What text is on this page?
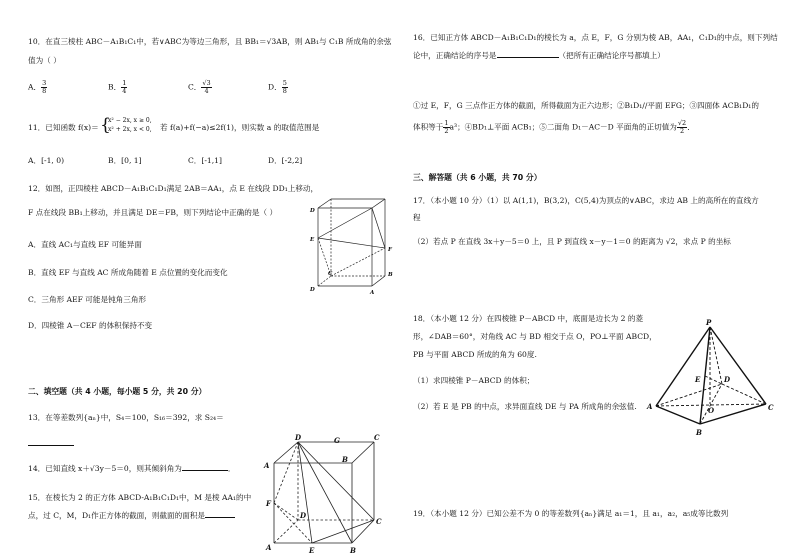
10．在直三棱柱 ABC－A₁B₁C₁中，若∨ABC为等边三角形，且 BB₁＝√3AB，则 AB₁与 C₁B 所成角的余弦
值为（ ）
A． $\frac{3}{8}$	B． $\frac{1}{4}$	C． $\frac{√3}{4}$	D． $\frac{5}{8}$
11．已知函数 f(x)＝ {
x² − 2x, x ≥ 0,
x² + 2x, x < 0, 若 f(a)+f(−a)≤2f(1)，则实数 a 的取值范围是
A．[-1, 0)	B．[0, 1]	C．[-1,1]	D．[-2,2]
12．如图，正四棱柱 ABCD－A₁B₁C₁D₁满足 2AB＝AA₁，点 E 在线段 DD₁上移动，
F 点在线段 BB₁上移动，并且满足 DE＝FB，则下列结论中正确的是（ ）
A．直线 AC₁与直线 EF 可能异面
B．直线 EF 与直线 AC 所成角随着 E 点位置的变化而变化
C．三角形 AEF 可能是钝角三角形
D．四棱锥 A－CEF 的体积保持不变
D
E
F
C	B
D	A
二、填空题（共 4 小题，每小题 5 分，共 20 分）
13．在等差数列{aₙ}中，S₄＝100，S₁₆＝392，求 S₂₄＝
14．已知直线 x＋√3y－5＝0，则其倾斜角为	．
15．在棱长为 2 的正方体 ABCD-A₁B₁C₁D₁中，M 是棱 AA₁的中
点，过 C，M，D₁作正方体的截面，则截面的面积是
D	G	C
A
B
F
D
C
A	E	B
16．已知正方体 ABCD－A₁B₁C₁D₁的棱长为 a，点 E，F，G 分别为棱 AB，AA₁，C₁D₁的中点，则下列结
论中，正确结论的序号是	（把所有正确结论序号都填上）
①过 E，F，G 三点作正方体的截面，所得截面为正六边形；②B₁D₁//平面 EFG；③四面体 ACB₁D₁的
体积等于 $\frac{1}{2} a^3$；④BD₁⊥平面 ACB₁；⑤二面角 D₁－AC－D 平面角的正切值为 $\frac{√2}{2}$ ．
三、解答题（共 6 小题，共 70 分）
17．（本小题 10 分）（1）以 A(1,1)，B(3,2)，C(5,4)为顶点的∨ABC，求边 AB 上的高所在的直线方
程
（2）若点 P 在直线 3x＋y－5＝0 上，且 P 到直线 x－y－1＝0 的距离为 √2，求点 P 的坐标
18．（本小题 12 分）在四棱锥 P－ABCD 中，底面是边长为 2 的菱
形，∠DAB＝60°，对角线 AC 与 BD 相交于点 O，PO⊥平面 ABCD，
PB 与平面 ABCD 所成的角为 60度.
（1）求四棱锥 P－ABCD 的体积；
（2）若 E 是 PB 的中点，求异面直线 DE 与 PA 所成角的余弦值.
P
D
E
A	O	C
B
19．（本小题 12 分）已知公差不为 0 的等差数列{aₙ}满足 a₁＝1，且 a₁，a₂，a₅成等比数列
